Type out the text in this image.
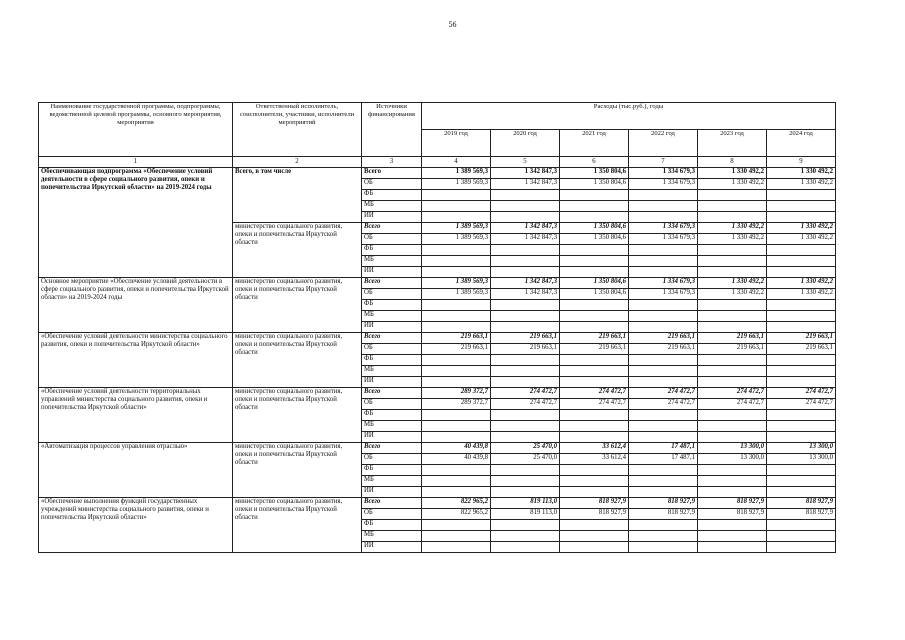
56
Наименование государственной программы, подпрограммы, ведомственной целевой программы, основного мероприятия, мероприятия	Ответственный исполнитель, соисполнители, участники, исполнители мероприятий	Источники финансирования	Расходы (тыс.руб.), годы					
			2019 год	2020 год	2021 год	2022 год	2023 год	2024 год
1	2	3	4	5	6	7	8	9
Обеспечивающая подпрограмма «Обеспечение условий деятельности в сфере социального развития, опеки и попечительства Иркутской области» на 2019-2024 годы	Всего, в том числе	Всего	1 389 569,3	1 342 847,3	1 350 804,6	1 334 679,3	1 330 492,2	1 330 492,2
		ОБ	1 389 569,3	1 342 847,3	1 350 804,6	1 334 679,3	1 330 492,2	1 330 492,2
		ФБ						
		МБ						
		ИИ						
	министерство социального развития, опеки и попечительства Иркутской области	Всего	1 389 569,3	1 342 847,3	1 350 804,6	1 334 679,3	1 330 492,2	1 330 492,2
		ОБ	1 389 569,3	1 342 847,3	1 350 804,6	1 334 679,3	1 330 492,2	1 330 492,2
		ФБ						
		МБ						
		ИИ						
Основное мероприятие «Обеспечение условий деятельности в сфере социального развития, опеки и попечительства Иркутской области» на 2019-2024 годы	министерство социального развития, опеки и попечительства Иркутской области	Всего	1 389 569,3	1 342 847,3	1 350 804,6	1 334 679,3	1 330 492,2	1 330 492,2
		ОБ	1 389 569,3	1 342 847,3	1 350 804,6	1 334 679,3	1 330 492,2	1 330 492,2
		ФБ						
		МБ						
		ИИ						
«Обеспечение условий деятельности министерства социального развития, опеки и попечительства Иркутской области»	министерство социального развития, опеки и попечительства Иркутской области	Всего	219 663,1	219 663,1	219 663,1	219 663,1	219 663,1	219 663,1
		ОБ	219 663,1	219 663,1	219 663,1	219 663,1	219 663,1	219 663,1
		ФБ						
		МБ						
		ИИ						
«Обеспечение условий деятельности территориальных управлений министерства социального развития, опеки и попечительства Иркутской области»	министерство социального развития, опеки и попечительства Иркутской области	Всего	289 372,7	274 472,7	274 472,7	274 472,7	274 472,7	274 472,7
		ОБ	289 372,7	274 472,7	274 472,7	274 472,7	274 472,7	274 472,7
		ФБ						
		МБ						
		ИИ						
«Автоматизация процессов управления отраслью»	министерство социального развития, опеки и попечительства Иркутской области	Всего	40 439,8	25 470,0	33 612,4	17 487,1	13 300,0	13 300,0
		ОБ	40 439,8	25 470,0	33 612,4	17 487,1	13 300,0	13 300,0
		ФБ						
		МБ						
		ИИ						
«Обеспечение выполнения функций государственных учреждений министерства социального развития, опеки и попечительства Иркутской области»	министерство социального развития, опеки и попечительства Иркутской области	Всего	822 965,2	819 113,0	818 927,9	818 927,9	818 927,9	818 927,9
		ОБ	822 965,2	819 113,0	818 927,9	818 927,9	818 927,9	818 927,9
		ФБ						
		МБ						
		ИИ						
